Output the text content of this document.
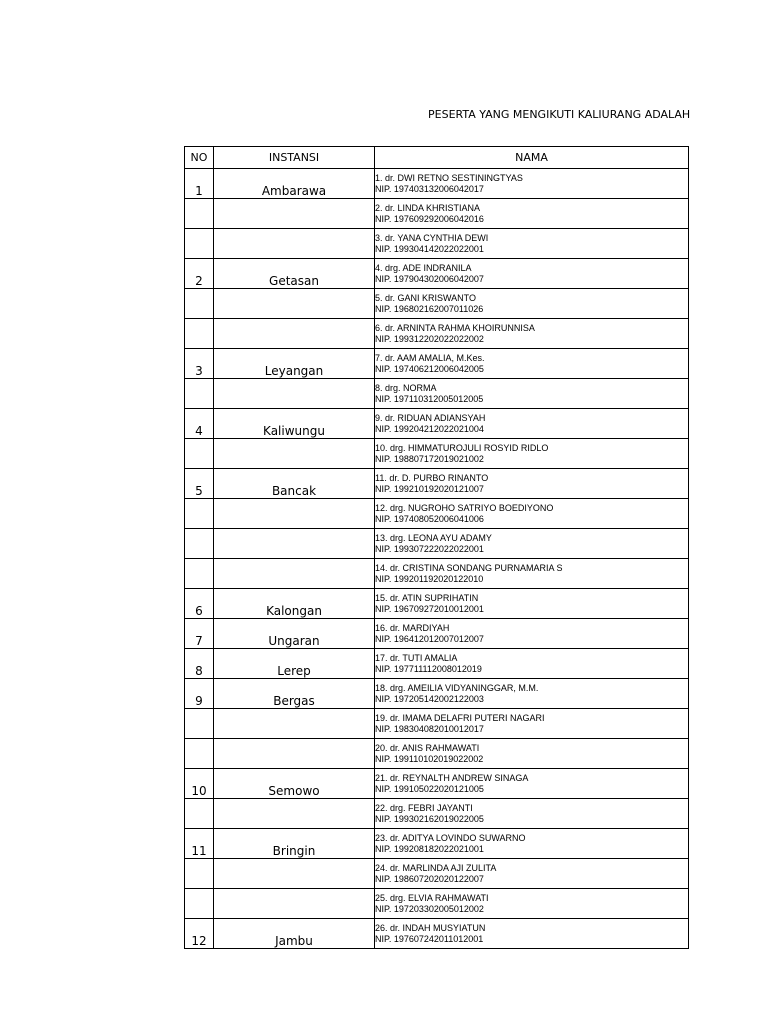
PESERTA YANG MENGIKUTI KALIURANG ADALAH
NO	INSTANSI	NAMA
1	Ambarawa	1. dr. DWI RETNO SESTININGTYAS
NIP. 197403132006042017

		2. dr. LINDA KHRISTIANA
NIP. 197609292006042016

		3. dr. YANA CYNTHIA DEWI
NIP. 199304142022022001

2	Getasan	4. drg. ADE INDRANILA
NIP. 197904302006042007

		5. dr. GANI KRISWANTO
NIP. 196802162007011026

		6. dr. ARNINTA RAHMA KHOIRUNNISA
NIP. 199312202022022002

3	Leyangan	7. dr. AAM AMALIA, M.Kes.
NIP. 197406212006042005

		8. drg. NORMA
NIP. 197110312005012005

4	Kaliwungu	9. dr. RIDUAN ADIANSYAH
NIP. 199204212022021004

		10. drg. HIMMATUROJULI ROSYID RIDLO
NIP. 198807172019021002

5	Bancak	11. dr. D. PURBO RINANTO
NIP. 199210192020121007

		12. drg. NUGROHO SATRIYO BOEDIYONO
NIP. 197408052006041006

		13. drg. LEONA AYU ADAMY
NIP. 199307222022022001

		14. dr. CRISTINA SONDANG PURNAMARIA S
NIP. 199201192020122010

6	Kalongan	15. dr. ATIN SUPRIHATIN
NIP. 196709272010012001

7	Ungaran	16. dr. MARDIYAH
NIP. 196412012007012007

8	Lerep	17. dr. TUTI AMALIA
NIP. 197711112008012019

9	Bergas	18. drg. AMEILIA VIDYANINGGAR, M.M.
NIP. 197205142002122003

		19. dr. IMAMA DELAFRI PUTERI NAGARI
NIP. 198304082010012017

		20. dr. ANIS RAHMAWATI
NIP. 199110102019022002

10	Semowo	21. dr. REYNALTH ANDREW SINAGA
NIP. 199105022020121005

		22. drg. FEBRI JAYANTI
NIP. 199302162019022005

11	Bringin	23. dr. ADITYA LOVINDO SUWARNO
NIP. 199208182022021001

		24. dr. MARLINDA AJI ZULITA
NIP. 198607202020122007

		25. drg. ELVIA RAHMAWATI
NIP. 197203302005012002

12	Jambu	26. dr. INDAH MUSYIATUN
NIP. 197607242011012001
